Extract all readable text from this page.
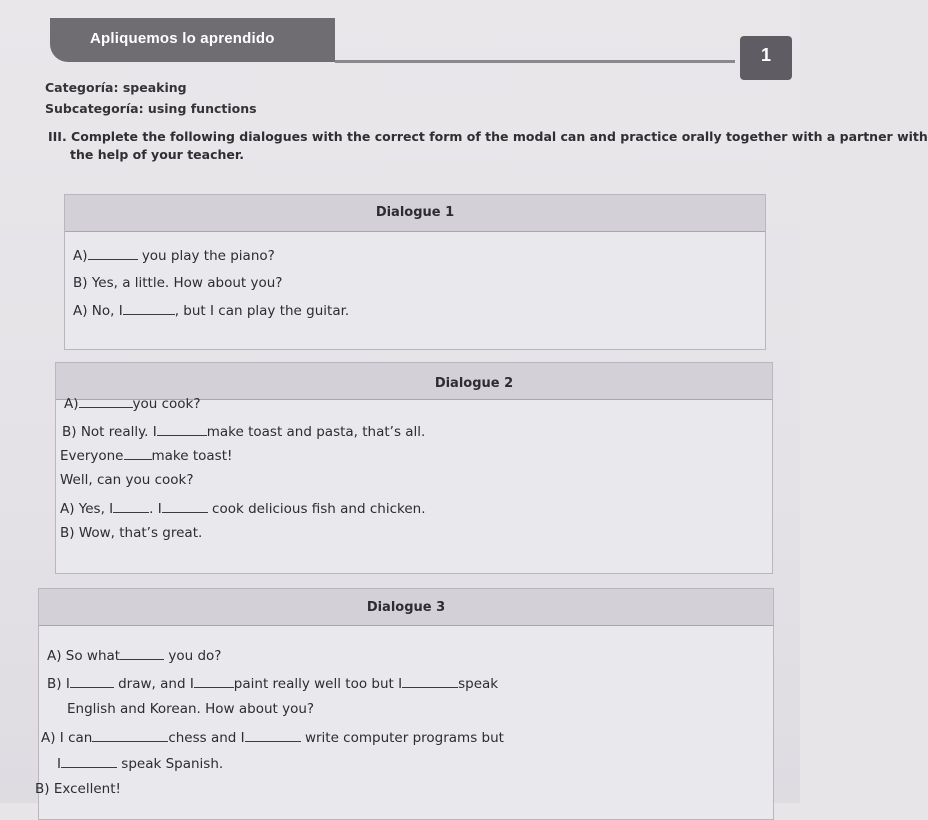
Apliquemos lo aprendido
1
Categoría: speaking
Subcategoría: using functions
III. Complete the following dialogues with the correct form of the modal can and practice orally together with a partner with
the help of your teacher.
Dialogue 1
A)	you play the piano?
B) Yes, a little. How about you?
A) No, I	, but I can play the guitar.
Dialogue 2
A)	you cook?
B) Not really. I	make toast and pasta, that’s all.
Everyone make toast!
Well, can you cook?
A) Yes, I	. I	cook delicious fish and chicken.
B) Wow, that’s great.
Dialogue 3
A) So what	you do?
B) I	draw, and I	paint really well too but I	speak
English and Korean. How about you?
A) I can	chess and I	write computer programs but
I	speak Spanish.
B) Excellent!
